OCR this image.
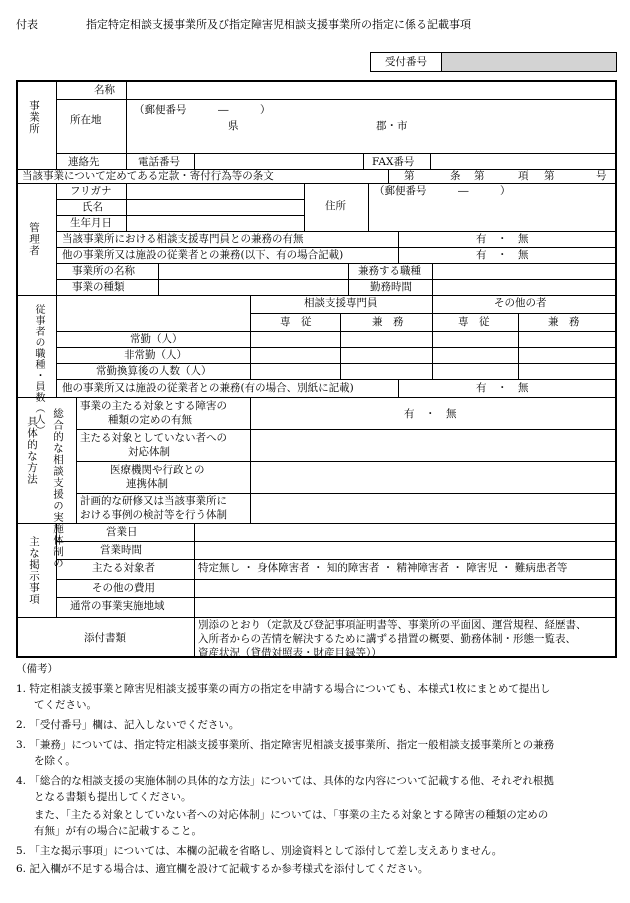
付表	指定特定相談支援事業所及び指定障害児相談支援事業所の指定に係る記載事項
受付番号
事業所
名称
所在地
（郵便番号　　　―　　　）
県	郡・市
連絡先	電話番号	FAX番号
当該事業について定めてある定款・寄付行為等の条文	第	条 第	項 第	号
管理者
フリガナ
氏名
生年月日
住所
（郵便番号　　　―　　　）
当該事業所における相談支援専門員との兼務の有無	有　・　無
他の事業所又は施設の従業者との兼務(以下、有の場合記載)	有　・　無
事業所の名称	兼務する職種
事業の種類	勤務時間
従事者の職種・員数（人）
相談支援専門員	その他の者
専　従	兼　務	専　従	兼　務
常勤（人）
非常勤（人）
常勤換算後の人数（人）
他の事業所又は施設の従業者との兼務(有の場合、別紙に記載)	有　・　無
具体的な方法 総合的な相談支援の実施体制の
事業の主たる対象とする障害の
種類の定めの有無	有　・　無
主たる対象としていない者への
対応体制
医療機関や行政との
連携体制
計画的な研修又は当該事業所に
おける事例の検討等を行う体制
主な掲示事項
営業日
営業時間
主たる対象者	特定無し ・ 身体障害者 ・ 知的障害者 ・ 精神障害者 ・ 障害児 ・ 難病患者等
その他の費用
通常の事業実施地域
添付書類
別添のとおり（定款及び登記事項証明書等、事業所の平面図、運営規程、経歴書、
入所者からの苦情を解決するために講ずる措置の概要、勤務体制・形態一覧表、
資産状況（貸借対照表・財産目録等））
（備考）
1. 特定相談支援事業と障害児相談支援事業の両方の指定を申請する場合についても、本様式1枚にまとめて提出し
てください。
2. 「受付番号」欄は、記入しないでください。
3. 「兼務」については、指定特定相談支援事業所、指定障害児相談支援事業所、指定一般相談支援事業所との兼務
を除く。
4. 「総合的な相談支援の実施体制の具体的な方法」については、具体的な内容について記載する他、それぞれ根拠
となる書類も提出してください。
また、「主たる対象としていない者への対応体制」については、「事業の主たる対象とする障害の種類の定めの
有無」が有の場合に記載すること。
5. 「主な掲示事項」については、本欄の記載を省略し、別途資料として添付して差し支えありません。
6. 記入欄が不足する場合は、適宜欄を設けて記載するか参考様式を添付してください。
